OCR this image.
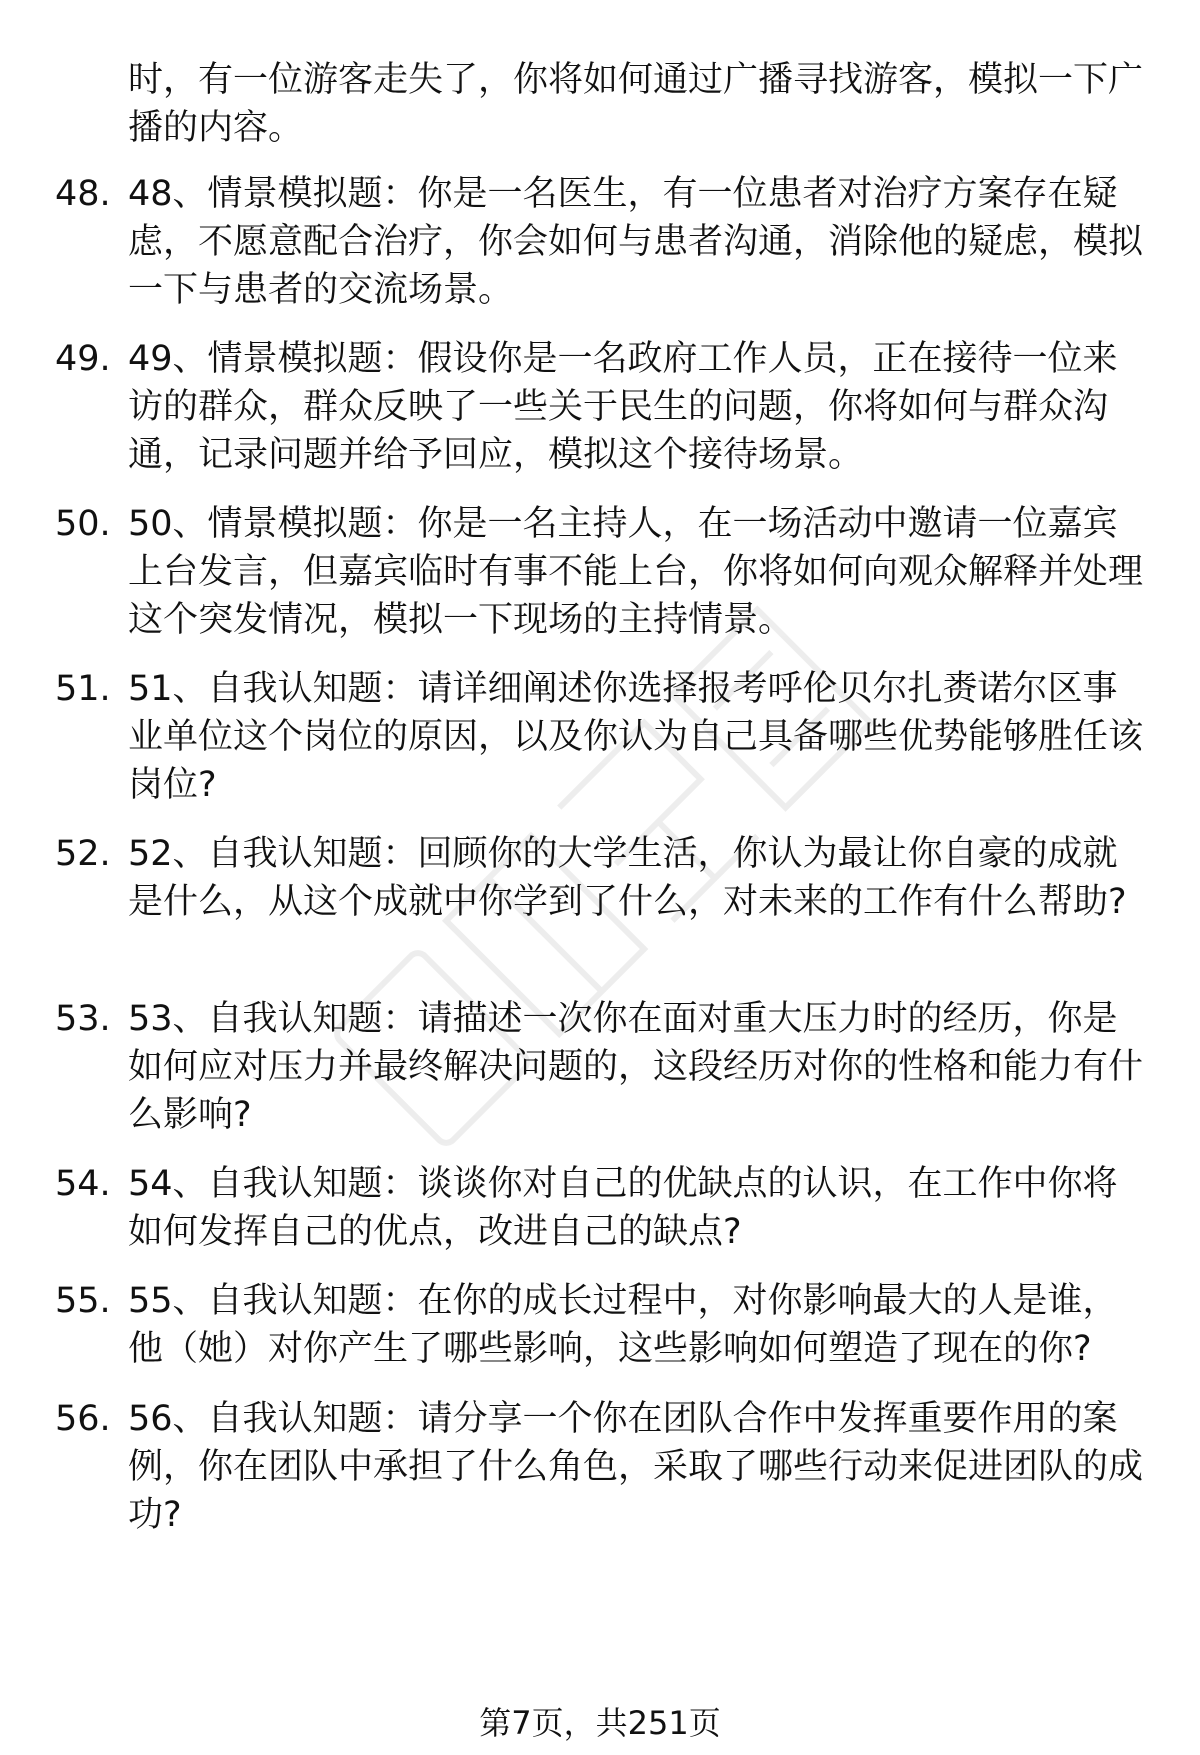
时，有一位游客走失了，你将如何通过广播寻找游客，模拟一下广播的内容。
48. 48、情景模拟题：你是一名医生，有一位患者对治疗方案存在疑虑，不愿意配合治疗，你会如何与患者沟通，消除他的疑虑，模拟一下与患者的交流场景。
49. 49、情景模拟题：假设你是一名政府工作人员，正在接待一位来访的群众，群众反映了一些关于民生的问题，你将如何与群众沟通，记录问题并给予回应，模拟这个接待场景。
50. 50、情景模拟题：你是一名主持人，在一场活动中邀请一位嘉宾上台发言，但嘉宾临时有事不能上台，你将如何向观众解释并处理这个突发情况，模拟一下现场的主持情景。
51. 51、自我认知题：请详细阐述你选择报考呼伦贝尔扎赉诺尔区事业单位这个岗位的原因，以及你认为自己具备哪些优势能够胜任该岗位?
52. 52、自我认知题：回顾你的大学生活，你认为最让你自豪的成就是什么，从这个成就中你学到了什么，对未来的工作有什么帮助?
53. 53、自我认知题：请描述一次你在面对重大压力时的经历，你是如何应对压力并最终解决问题的，这段经历对你的性格和能力有什么影响?
54. 54、自我认知题：谈谈你对自己的优缺点的认识，在工作中你将如何发挥自己的优点，改进自己的缺点?
55. 55、自我认知题：在你的成长过程中，对你影响最大的人是谁，他（她）对你产生了哪些影响，这些影响如何塑造了现在的你?
56. 56、自我认知题：请分享一个你在团队合作中发挥重要作用的案例，你在团队中承担了什么角色，采取了哪些行动来促进团队的成功?
第7页，共251页
